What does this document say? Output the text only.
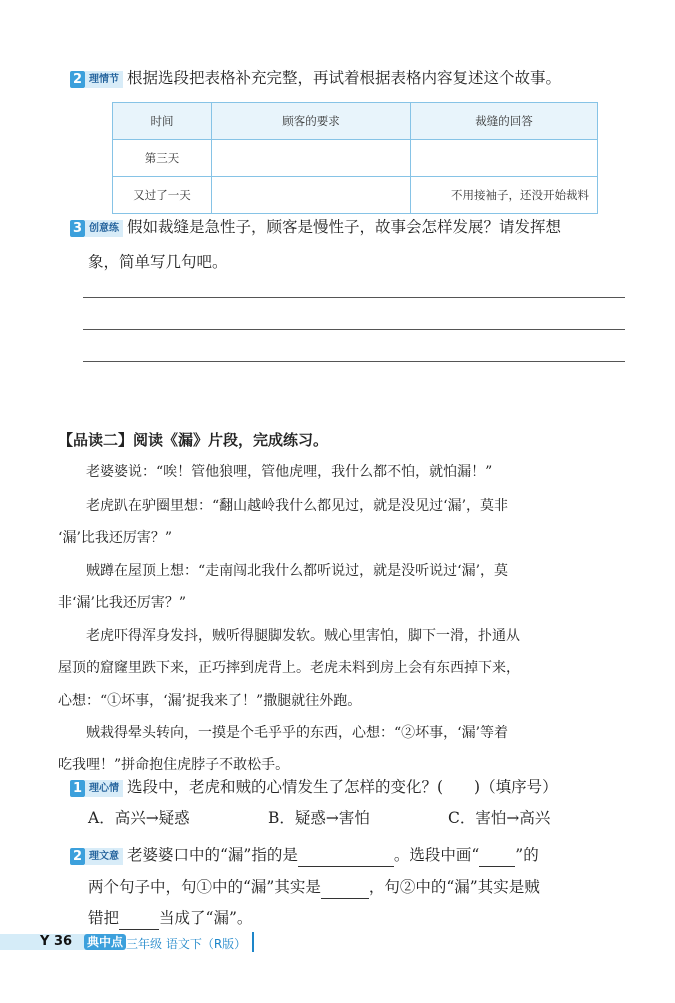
2 理情节 根据选段把表格补充完整，再试着根据表格内容复述这个故事。
时间	顾客的要求	裁缝的回答
第三天		
又过了一天		不用接袖子，还没开始裁料
3 创意练 假如裁缝是急性子，顾客是慢性子，故事会怎样发展？请发挥想
象，简单写几句吧。
【品读二】阅读《漏》片段，完成练习。
老婆婆说：“唉！管他狼哩，管他虎哩，我什么都不怕，就怕漏！”
老虎趴在驴圈里想：“翻山越岭我什么都见过，就是没见过‘漏’，莫非
‘漏’比我还厉害？”
贼蹲在屋顶上想：“走南闯北我什么都听说过，就是没听说过‘漏’，莫
非‘漏’比我还厉害？”
老虎吓得浑身发抖，贼听得腿脚发软。贼心里害怕，脚下一滑，扑通从
屋顶的窟窿里跌下来，正巧摔到虎背上。老虎未料到房上会有东西掉下来，
心想：“①坏事，‘漏’捉我来了！”撒腿就往外跑。
贼栽得晕头转向，一摸是个毛乎乎的东西，心想：“②坏事，‘漏’等着
吃我哩！”拼命抱住虎脖子不敢松手。
1 理心情 选段中，老虎和贼的心情发生了怎样的变化？(　　)（填序号）
A．高兴→疑惑	B．疑惑→害怕	C．害怕→高兴
2 理文意 老婆婆口中的“漏”指的是	。选段中画“ ”的
两个句子中，句①中的“漏”其实是	，句②中的“漏”其实是贼
错把	当成了“漏”。
Y 36 典中点 三年级 语文下（R版）
